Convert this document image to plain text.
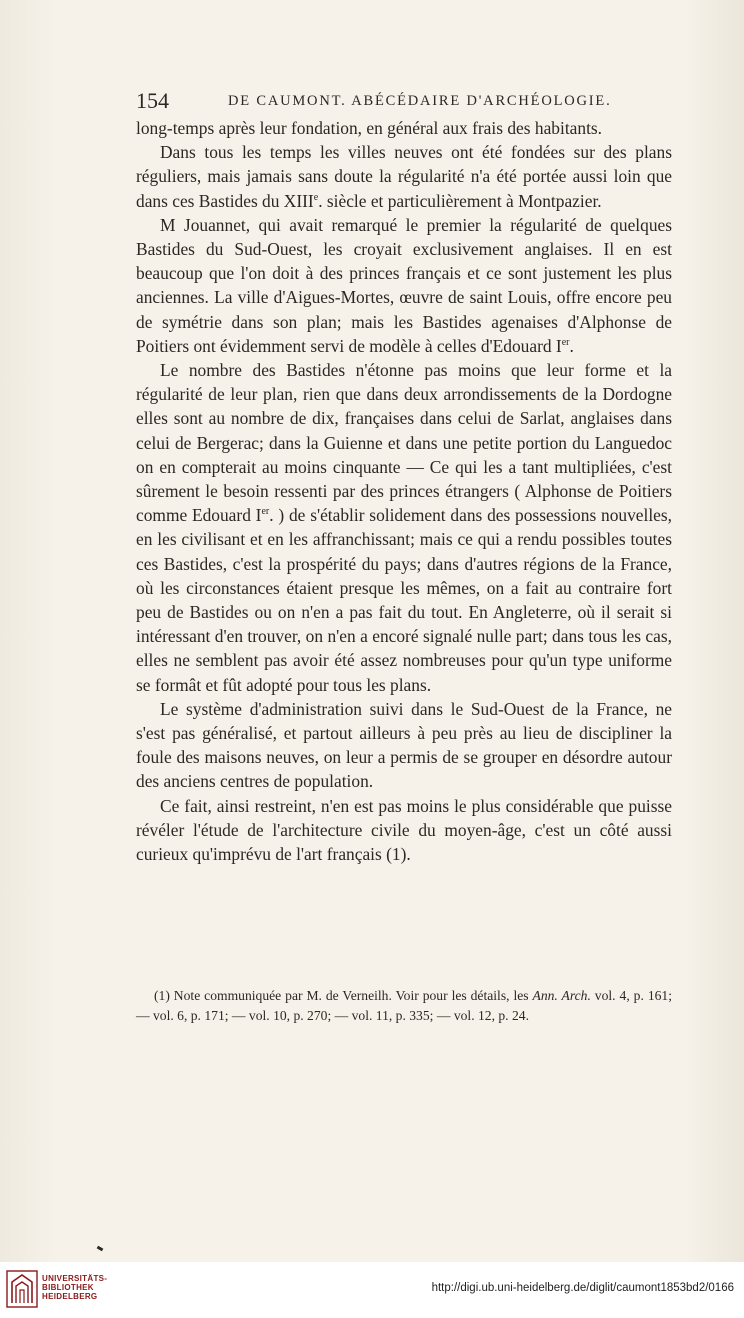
154	DE CAUMONT. ABÉCÉDAIRE D'ARCHÉOLOGIE.

long-temps après leur fondation, en général aux frais des habitants.

Dans tous les temps les villes neuves ont été fondées sur des plans réguliers, mais jamais sans doute la régularité n'a été portée aussi loin que dans ces Bastides du XIIIe. siècle et particulièrement à Montpazier.

M Jouannet, qui avait remarqué le premier la régularité de quelques Bastides du Sud-Ouest, les croyait exclusivement anglaises. Il en est beaucoup que l'on doit à des princes français et ce sont justement les plus anciennes. La ville d'Aigues-Mortes, œuvre de saint Louis, offre encore peu de symétrie dans son plan; mais les Bastides agenaises d'Alphonse de Poitiers ont évidemment servi de modèle à celles d'Edouard Ier.

Le nombre des Bastides n'étonne pas moins que leur forme et la régularité de leur plan, rien que dans deux arrondissements de la Dordogne elles sont au nombre de dix, françaises dans celui de Sarlat, anglaises dans celui de Bergerac; dans la Guienne et dans une petite portion du Languedoc on en compterait au moins cinquante — Ce qui les a tant multipliées, c'est sûrement le besoin ressenti par des princes étrangers ( Alphonse de Poitiers comme Edouard Ier. ) de s'établir solidement dans des possessions nouvelles, en les civilisant et en les affranchissant; mais ce qui a rendu possibles toutes ces Bastides, c'est la prospérité du pays; dans d'autres régions de la France, où les circonstances étaient presque les mêmes, on a fait au contraire fort peu de Bastides ou on n'en a pas fait du tout. En Angleterre, où il serait si intéressant d'en trouver, on n'en a encoré signalé nulle part; dans tous les cas, elles ne semblent pas avoir été assez nombreuses pour qu'un type uniforme se formât et fût adopté pour tous les plans.

Le système d'administration suivi dans le Sud-Ouest de la France, ne s'est pas généralisé, et partout ailleurs à peu près au lieu de discipliner la foule des maisons neuves, on leur a permis de se grouper en désordre autour des anciens centres de population.

Ce fait, ainsi restreint, n'en est pas moins le plus considérable que puisse révéler l'étude de l'architecture civile du moyen-âge, c'est un côté aussi curieux qu'imprévu de l'art français (1).

(1) Note communiquée par M. de Verneilh. Voir pour les détails, les Ann. Arch. vol. 4, p. 161; — vol. 6, p. 171; — vol. 10, p. 270; — vol. 11, p. 335; — vol. 12, p. 24.
UNIVERSITÄTS-
BIBLIOTHEK
HEIDELBERG
http://digi.ub.uni-heidelberg.de/diglit/caumont1853bd2/0166
